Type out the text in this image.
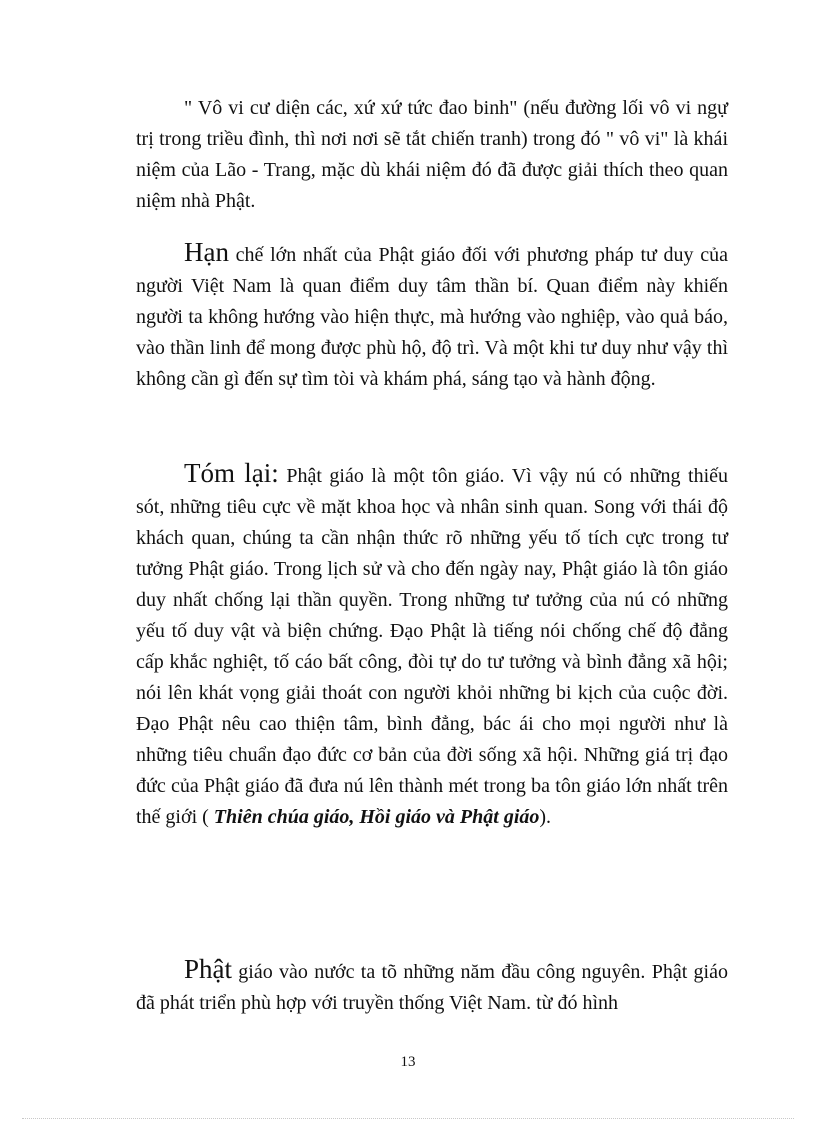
" Vô vi cư diện các, xứ xứ tức đao binh" (nếu đường lối vô vi ngự trị trong triều đình, thì nơi nơi sẽ tắt chiến tranh) trong đó " vô vi" là khái niệm của Lão - Trang, mặc dù khái niệm đó đã được giải thích theo quan niệm nhà Phật.

Hạn chế lớn nhất của Phật giáo đối với phương pháp tư duy của người Việt Nam là quan điểm duy tâm thần bí. Quan điểm này khiến người ta không hướng vào hiện thực, mà hướng vào nghiệp, vào quả báo, vào thần linh để mong được phù hộ, độ trì. Và một khi tư duy như vậy thì không cần gì đến sự tìm tòi và khám phá, sáng tạo và hành động.

Tóm lại: Phật giáo là một tôn giáo. Vì vậy nú có những thiếu sót, những tiêu cực về mặt khoa học và nhân sinh quan. Song với thái độ khách quan, chúng ta cần nhận thức rõ những yếu tố tích cực trong tư tưởng Phật giáo. Trong lịch sử và cho đến ngày nay, Phật giáo là tôn giáo duy nhất chống lại thần quyền. Trong những tư tưởng của nú có những yếu tố duy vật và biện chứng. Đạo Phật là tiếng nói chống chế độ đẳng cấp khắc nghiệt, tố cáo bất công, đòi tự do tư tưởng và bình đẳng xã hội; nói lên khát vọng giải thoát con người khỏi những bi kịch của cuộc đời. Đạo Phật nêu cao thiện tâm, bình đẳng, bác ái cho mọi người như là những tiêu chuẩn đạo đức cơ bản của đời sống xã hội. Những giá trị đạo đức của Phật giáo đã đưa nú lên thành mét trong ba tôn giáo lớn nhất trên thế giới ( Thiên chúa giáo, Hồi giáo và Phật giáo).

Phật giáo vào nước ta tõ những năm đầu công nguyên. Phật giáo đã phát triển phù hợp với truyền thống Việt Nam. từ đó hình

13
